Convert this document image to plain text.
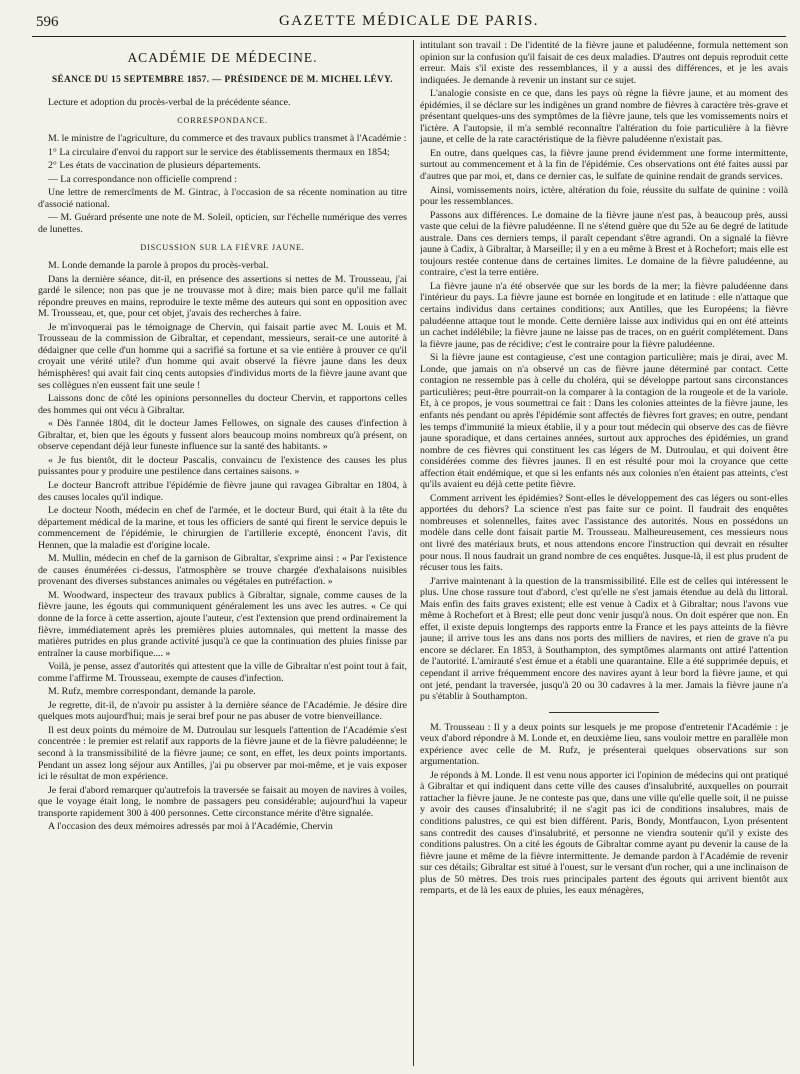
596	GAZETTE MÉDICALE DE PARIS.
ACADÉMIE DE MÉDECINE.
SÉANCE DU 15 SEPTEMBRE 1857. — PRÉSIDENCE DE M. MICHEL LÉVY.

Lecture et adoption du procès-verbal de la précédente séance.

CORRESPONDANCE.

M. le ministre de l'agriculture, du commerce et des travaux publics transmet à l'Académie :

1° La circulaire d'envoi du rapport sur le service des établissements thermaux en 1854;

2° Les états de vaccination de plusieurs départements.

— La correspondance non officielle comprend :

Une lettre de remercîments de M. Gintrac, à l'occasion de sa récente nomination au titre d'associé national.

— M. Guérard présente une note de M. Soleil, opticien, sur l'échelle numérique des verres de lunettes.

DISCUSSION SUR LA FIÈVRE JAUNE.

M. Londe demande la parole à propos du procès-verbal.

Dans la dernière séance, dit-il, en présence des assertions si nettes de M. Trousseau, j'ai gardé le silence; non pas que je ne trouvasse mot à dire; mais bien parce qu'il me fallait répondre preuves en mains, reproduire le texte même des auteurs qui sont en opposition avec M. Trousseau, et, que, pour cet objet, j'avais des recherches à faire.

Je m'invoquerai pas le témoignage de Chervin, qui faisait partie avec M. Louis et M. Trousseau de la commission de Gibraltar, et cependant, messieurs, serait-ce une autorité à dédaigner que celle d'un homme qui a sacrifié sa fortune et sa vie entière à prouver ce qu'il croyait une vérité utile? d'un homme qui avait observé la fièvre jaune dans les deux hémisphères! qui avait fait cinq cents autopsies d'individus morts de la fièvre jaune avant que ses collègues n'en eussent fait une seule !

Laissons donc de côté les opinions personnelles du docteur Chervin, et rapportons celles des hommes qui ont vécu à Gibraltar.

« Dès l'année 1804, dit le docteur James Fellowes, on signale des causes d'infection à Gibraltar, et, bien que les égouts y fussent alors beaucoup moins nombreux qu'à présent, on observe cependant déjà leur funeste influence sur la santé des habitants. »

« Je fus bientôt, dit le docteur Pascalis, convaincu de l'existence des causes les plus puissantes pour y produire une pestilence dans certaines saisons. »

Le docteur Bancroft attribue l'épidémie de fièvre jaune qui ravagea Gibraltar en 1804, à des causes locales qu'il indique.

Le docteur Nooth, médecin en chef de l'armée, et le docteur Burd, qui était à la tête du département médical de la marine, et tous les officiers de santé qui firent le service depuis le commencement de l'épidémie, le chirurgien de l'artillerie excepté, énoncent l'avis, dit Hennen, que la maladie est d'origine locale.

M. Mullin, médecin en chef de la garnison de Gibraltar, s'exprime ainsi : « Par l'existence de causes énumérées ci-dessus, l'atmosphère se trouve chargée d'exhalaisons nuisibles provenant des diverses substances animales ou végétales en putréfaction. »

M. Woodward, inspecteur des travaux publics à Gibraltar, signale, comme causes de la fièvre jaune, les égouts qui communiquent généralement les uns avec les autres. « Ce qui donne de la force à cette assertion, ajoute l'auteur, c'est l'extension que prend ordinairement la fièvre, immédiatement après les premières pluies automnales, qui mettent la masse des matières putrides en plus grande activité jusqu'à ce que la continuation des pluies finisse par entraîner la cause morbifique.... »

Voilà, je pense, assez d'autorités qui attestent que la ville de Gibraltar n'est point tout à fait, comme l'affirme M. Trousseau, exempte de causes d'infection.

M. Rufz, membre correspondant, demande la parole.

Je regrette, dit-il, de n'avoir pu assister à la dernière séance de l'Académie. Je désire dire quelques mots aujourd'hui; mais je serai bref pour ne pas abuser de votre bienveillance.

Il est deux points du mémoire de M. Dutroulau sur lesquels l'attention de l'Académie s'est concentrée : le premier est relatif aux rapports de la fièvre jaune et de la fièvre paludéenne; le second à la transmissibilité de la fièvre jaune; ce sont, en effet, les deux points importants. Pendant un assez long séjour aux Antilles, j'ai pu observer par moi-même, et je vais exposer ici le résultat de mon expérience.

Je ferai d'abord remarquer qu'autrefois la traversée se faisait au moyen de navires à voiles, que le voyage était long, le nombre de passagers peu considérable; aujourd'hui la vapeur transporte rapidement 300 à 400 personnes. Cette circonstance mérite d'être signalée.

A l'occasion des deux mémoires adressés par moi à l'Académie, Chervin

intitulant son travail : De l'identité de la fièvre jaune et paludéenne, formula nettement son opinion sur la confusion qu'il faisait de ces deux maladies. D'autres ont depuis reproduit cette erreur. Mais s'il existe des ressemblances, il y a aussi des différences, et je les avais indiquées. Je demande à revenir un instant sur ce sujet.

L'analogie consiste en ce que, dans les pays où règne la fièvre jaune, et au moment des épidémies, il se déclare sur les indigènes un grand nombre de fièvres à caractère très-grave et présentant quelques-uns des symptômes de la fièvre jaune, tels que les vomissements noirs et l'ictère. A l'autopsie, il m'a semblé reconnaître l'altération du foie particulière à la fièvre jaune, et celle de la rate caractéristique de la fièvre paludéenne n'existait pas.

En outre, dans quelques cas, la fièvre jaune prend évidemment une forme intermittente, surtout au commencement et à la fin de l'épidémie. Ces observations ont été faites aussi par d'autres que par moi, et, dans ce dernier cas, le sulfate de quinine rendait de grands services.

Ainsi, vomissements noirs, ictère, altération du foie, réussite du sulfate de quinine : voilà pour les ressemblances.

Passons aux différences. Le domaine de la fièvre jaune n'est pas, à beaucoup près, aussi vaste que celui de la fièvre paludéenne. Il ne s'étend guère que du 52e au 6e degré de latitude australe. Dans ces derniers temps, il paraît cependant s'être agrandi. On a signalé la fièvre jaune à Cadix, à Gibraltar, à Marseille; il y en a eu même à Brest et à Rochefort; mais elle est toujours restée contenue dans de certaines limites. Le domaine de la fièvre paludéenne, au contraire, c'est la terre entière.

La fièvre jaune n'a été observée que sur les bords de la mer; la fièvre paludéenne dans l'intérieur du pays. La fièvre jaune est bornée en longitude et en latitude : elle n'attaque que certains individus dans certaines conditions; aux Antilles, que les Européens; la fièvre paludéenne attaque tout le monde. Cette dernière laisse aux individus qui en ont été atteints un cachet indélébile; la fièvre jaune ne laisse pas de traces, on en guérit complétement. Dans la fièvre jaune, pas de récidive; c'est le contraire pour la fièvre paludéenne.

Si la fièvre jaune est contagieuse, c'est une contagion particulière; mais je dirai, avec M. Londe, que jamais on n'a observé un cas de fièvre jaune déterminé par contact. Cette contagion ne ressemble pas à celle du choléra, qui se développe partout sans circonstances particulières; peut-être pourrait-on la comparer à la contagion de la rougeole et de la variole. Et, à ce propos, je vous soumettrai ce fait : Dans les colonies atteintes de la fièvre jaune, les enfants nés pendant ou après l'épidémie sont affectés de fièvres fort graves; en outre, pendant les temps d'immunité la mieux établie, il y a pour tout médecin qui observe des cas de fièvre jaune sporadique, et dans certaines années, surtout aux approches des épidémies, un grand nombre de ces fièvres qui constituent les cas légers de M. Dutroulau, et qui doivent être considérées comme des fièvres jaunes. Il en est résulté pour moi la croyance que cette affection était endémique, et que si les enfants nés aux colonies n'en étaient pas atteints, c'est qu'ils avaient eu déjà cette petite fièvre.

Comment arrivent les épidémies? Sont-elles le développement des cas légers ou sont-elles apportées du dehors? La science n'est pas faite sur ce point. Il faudrait des enquêtes nombreuses et solennelles, faites avec l'assistance des autorités. Nous en possédons un modèle dans celle dont faisait partie M. Trousseau. Malheureusement, ces messieurs nous ont livré des matériaux bruts, et nous attendons encore l'instruction qui devrait en résulter pour nous. Il nous faudrait un grand nombre de ces enquêtes. Jusque-là, il est plus prudent de récuser tous les faits.

J'arrive maintenant à la question de la transmissibilité. Elle est de celles qui intéressent le plus. Une chose rassure tout d'abord, c'est qu'elle ne s'est jamais étendue au delà du littoral. Mais enfin des faits graves existent; elle est venue à Cadix et à Gibraltar; nous l'avons vue même à Rochefort et à Brest; elle peut donc venir jusqu'à nous. On doit espérer que non. En effet, il existe depuis longtemps des rapports entre la France et les pays atteints de la fièvre jaune; il arrive tous les ans dans nos ports des milliers de navires, et rien de grave n'a pu encore se déclarer. En 1853, à Southampton, des symptômes alarmants ont attiré l'attention de l'autorité. L'amirauté s'est émue et a établi une quarantaine. Elle a été supprimée depuis, et cependant il arrive fréquemment encore des navires ayant à leur bord la fièvre jaune, et qui ont jeté, pendant la traversée, jusqu'à 20 ou 30 cadavres à la mer. Jamais la fièvre jaune n'a pu s'établir à Southampton.

M. Trousseau : Il y a deux points sur lesquels je me propose d'entretenir l'Académie : je veux d'abord répondre à M. Londe et, en deuxième lieu, sans vouloir mettre en parallèle mon expérience avec celle de M. Rufz, je présenterai quelques observations sur son argumentation.

Je réponds à M. Londe. Il est venu nous apporter ici l'opinion de médecins qui ont pratiqué à Gibraltar et qui indiquent dans cette ville des causes d'insalubrité, auxquelles on pourrait rattacher la fièvre jaune. Je ne conteste pas que, dans une ville qu'elle quelle soit, il ne puisse y avoir des causes d'insalubrité; il ne s'agit pas ici de conditions insalubres, mais de conditions palustres, ce qui est bien différent. Paris, Bondy, Montfaucon, Lyon présentent sans contredit des causes d'insalubrité, et personne ne viendra soutenir qu'il y existe des conditions palustres. On a cité les égouts de Gibraltar comme ayant pu devenir la cause de la fièvre jaune et même de la fièvre intermittente. Je demande pardon à l'Académie de revenir sur ces détails; Gibraltar est situé à l'ouest, sur le versant d'un rocher, qui a une inclinaison de plus de 50 mètres. Des trois rues principales partent des égouts qui arrivent bientôt aux remparts, et de là les eaux de pluies, les eaux ménagères,
